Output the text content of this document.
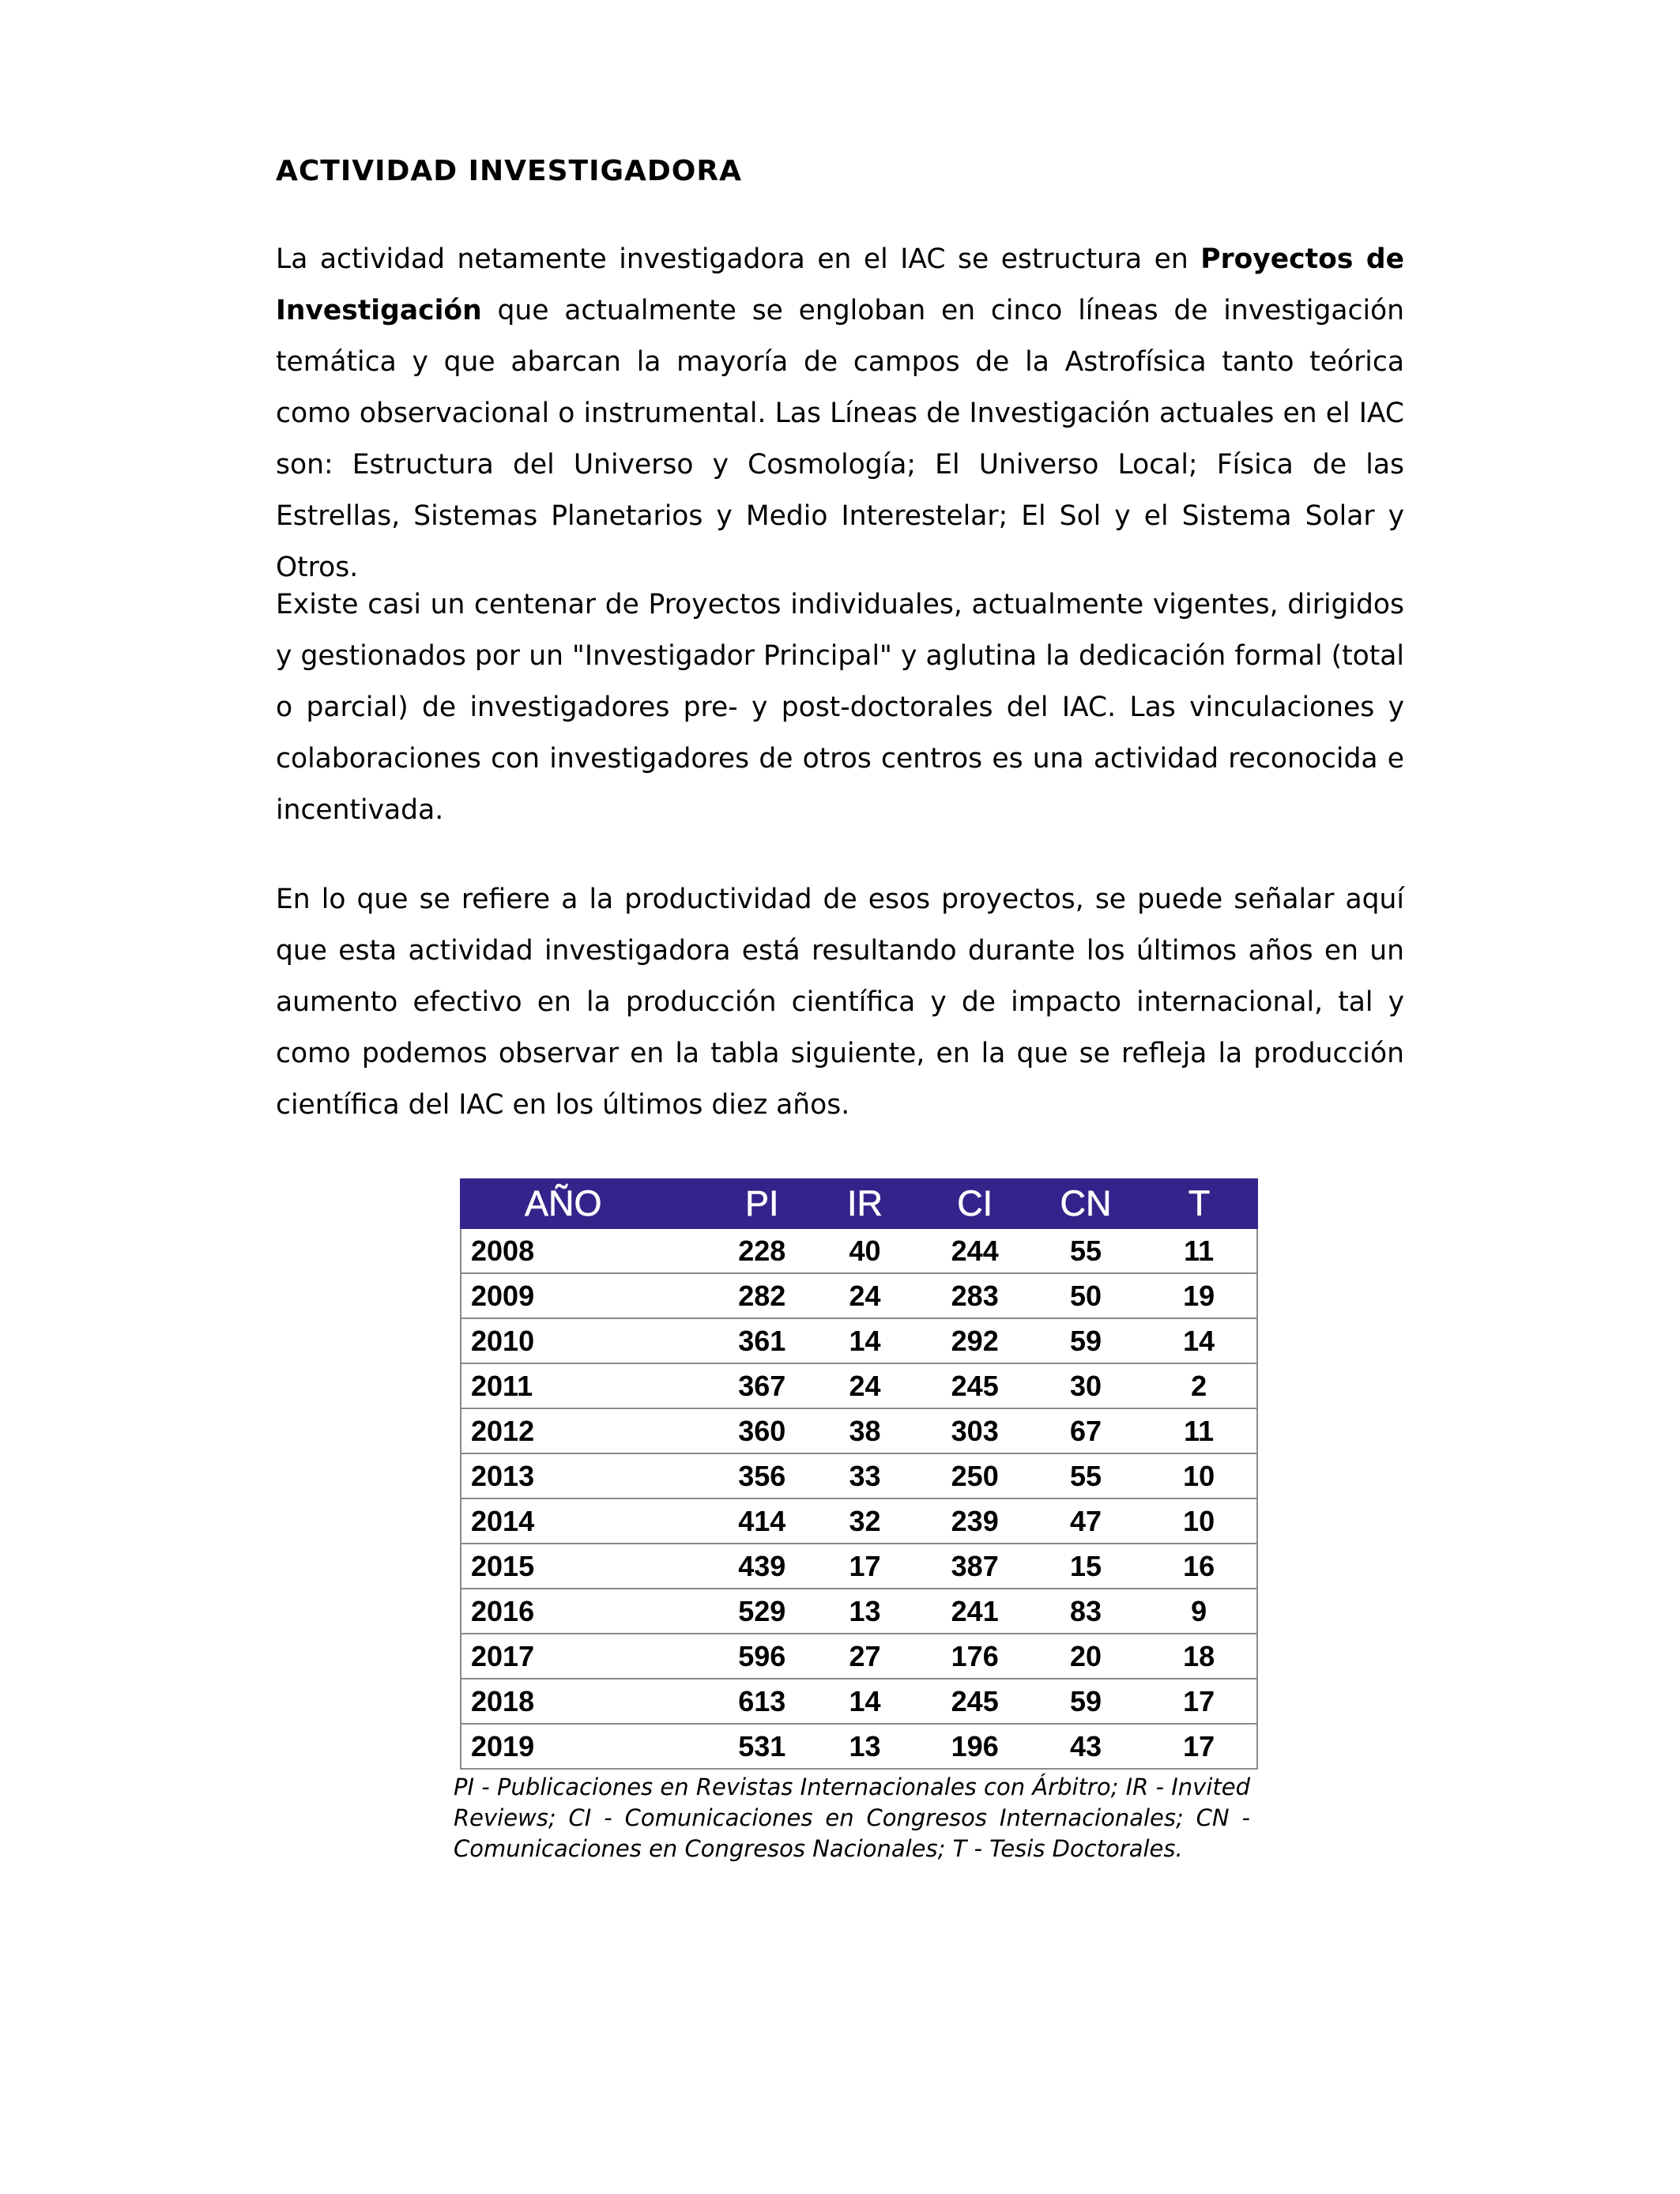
ACTIVIDAD INVESTIGADORA

La actividad netamente investigadora en el IAC se estructura en Proyectos de Investigación que actualmente se engloban en cinco líneas de investigación temática y que abarcan la mayoría de campos de la Astrofísica tanto teórica como observacional o instrumental. Las Líneas de Investigación actuales en el IAC son: Estructura del Universo y Cosmología; El Universo Local; Física de las Estrellas, Sistemas Planetarios y Medio Interestelar; El Sol y el Sistema Solar y Otros.

Existe casi un centenar de Proyectos individuales, actualmente vigentes, dirigidos y gestionados por un "Investigador Principal" y aglutina la dedicación formal (total o parcial) de investigadores pre- y post-doctorales del IAC. Las vinculaciones y colaboraciones con investigadores de otros centros es una actividad reconocida e incentivada.

En lo que se refiere a la productividad de esos proyectos, se puede señalar aquí que esta actividad investigadora está resultando durante los últimos años en un aumento efectivo en la producción científica y de impacto internacional, tal y como podemos observar en la tabla siguiente, en la que se refleja la producción científica del IAC en los últimos diez años.

AÑO	PI	IR	CI	CN	T
2008	228	40	244	55	11
2009	282	24	283	50	19
2010	361	14	292	59	14
2011	367	24	245	30	2
2012	360	38	303	67	11
2013	356	33	250	55	10
2014	414	32	239	47	10
2015	439	17	387	15	16
2016	529	13	241	83	9
2017	596	27	176	20	18
2018	613	14	245	59	17
2019	531	13	196	43	17

PI - Publicaciones en Revistas Internacionales con Árbitro; IR - Invited Reviews; CI - Comunicaciones en Congresos Internacionales; CN - Comunicaciones en Congresos Nacionales; T - Tesis Doctorales.
